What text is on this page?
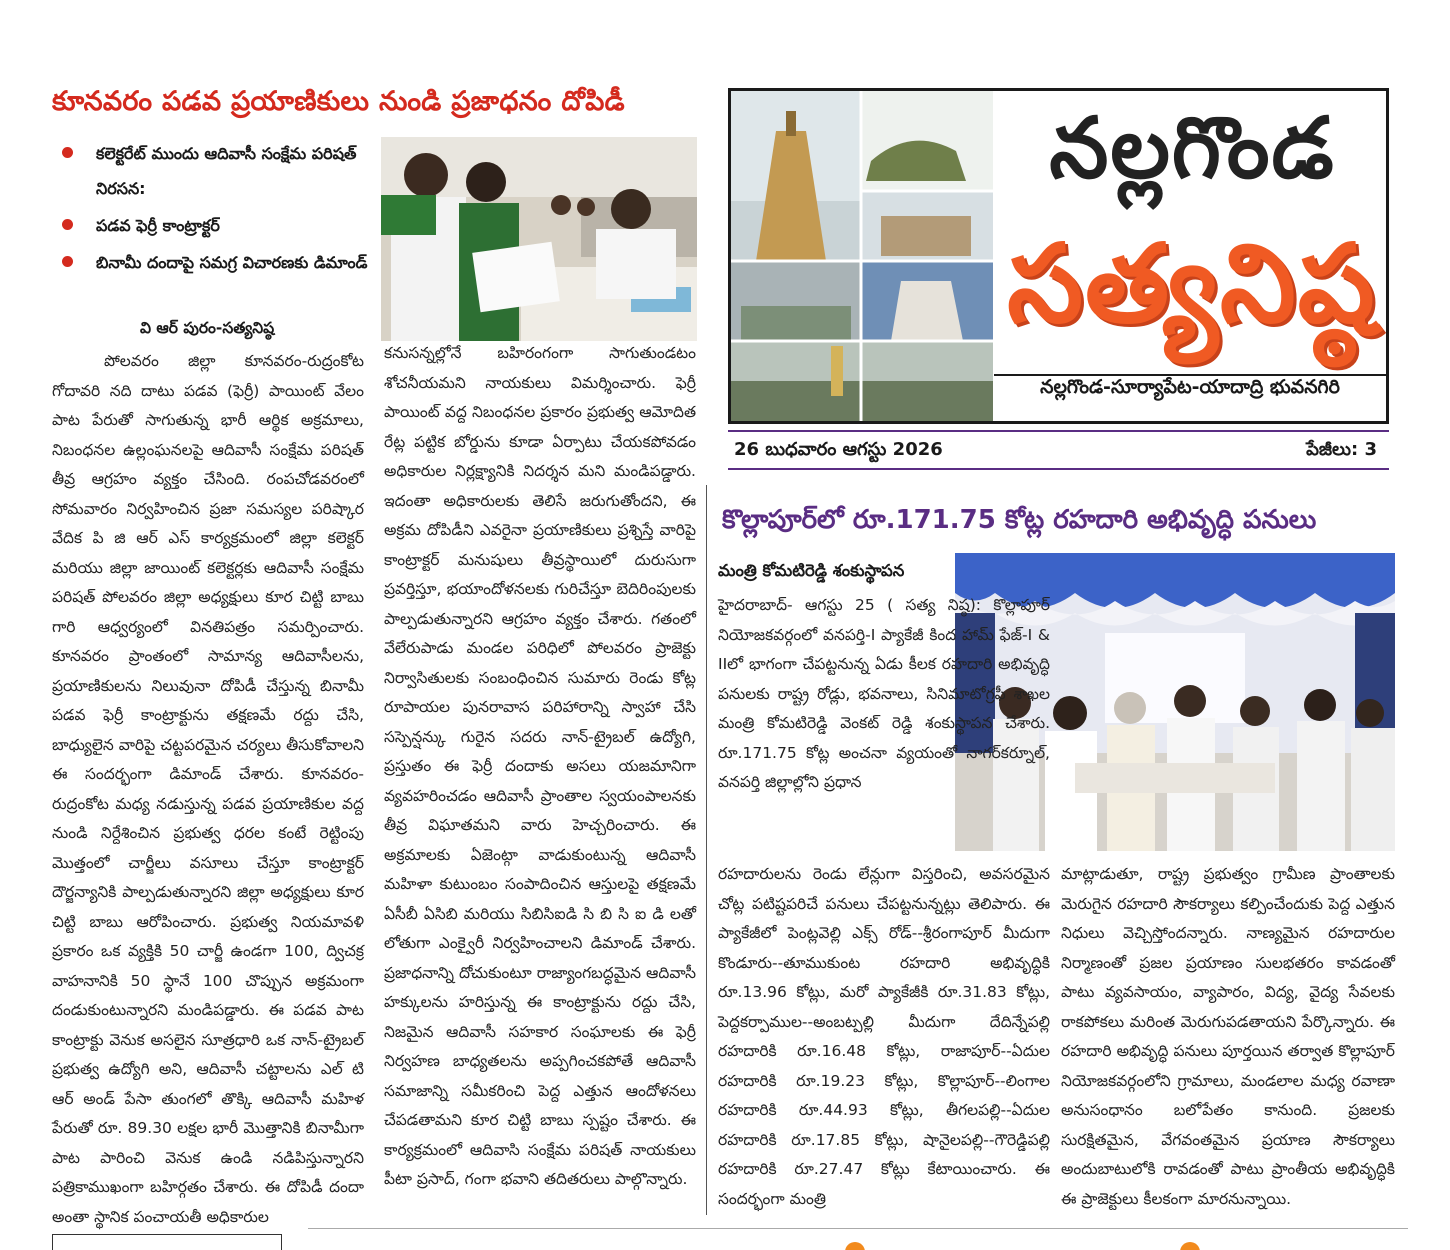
కూనవరం పడవ ప్రయాణికులు నుండి ప్రజాధనం దోపిడీ
కలెక్టరేట్ ముందు ఆదివాసీ సంక్షేమ పరిషత్ నిరసన:
పడవ ఫెర్రీ కాంట్రాక్టర్
బినామీ దందాపై సమగ్ర విచారణకు డిమాండ్
వి ఆర్ పురం-సత్యనిష్ఠ
పోలవరం జిల్లా కూనవరం-రుద్రంకోట గోదావరి నది దాటు పడవ (ఫెర్రీ) పాయింట్ వేలం పాట పేరుతో సాగుతున్న భారీ ఆర్థిక అక్రమాలు, నిబంధనల ఉల్లంఘనలపై ఆదివాసీ సంక్షేమ పరిషత్ తీవ్ర ఆగ్రహం వ్యక్తం చేసింది. రంపచోడవరంలో సోమవారం నిర్వహించిన ప్రజా సమస్యల పరిష్కార వేదిక పి జి ఆర్ ఎస్ కార్యక్రమంలో జిల్లా కలెక్టర్ మరియు జిల్లా జాయింట్ కలెక్టర్లకు ఆదివాసీ సంక్షేమ పరిషత్ పోలవరం జిల్లా అధ్యక్షులు కూర చిట్టి బాబు గారి ఆధ్వర్యంలో వినతిపత్రం సమర్పించారు. కూనవరం ప్రాంతంలో సామాన్య ఆదివాసీలను, ప్రయాణికులను నిలువునా దోపిడీ చేస్తున్న బినామీ పడవ ఫెర్రీ కాంట్రాక్టును తక్షణమే రద్దు చేసి, బాధ్యులైన వారిపై చట్టపరమైన చర్యలు తీసుకోవాలని ఈ సందర్భంగా డిమాండ్ చేశారు. కూనవరం-రుద్రంకోట మధ్య నడుస్తున్న పడవ ప్రయాణికుల వద్ద నుండి నిర్దేశించిన ప్రభుత్వ ధరల కంటే రెట్టింపు మొత్తంలో చార్జీలు వసూలు చేస్తూ కాంట్రాక్టర్ దౌర్జన్యానికి పాల్పడుతున్నారని జిల్లా అధ్యక్షులు కూర చిట్టి బాబు ఆరోపించారు. ప్రభుత్వ నియమావళి ప్రకారం ఒక వ్యక్తికి 50 చార్జీ ఉండగా 100, ద్విచక్ర వాహనానికి 50 స్థానే 100 చొప్పున అక్రమంగా దండుకుంటున్నారని మండిపడ్డారు. ఈ పడవ పాట కాంట్రాక్టు వెనుక అసలైన సూత్రధారి ఒక నాన్-ట్రైబల్ ప్రభుత్వ ఉద్యోగి అని, ఆదివాసీ చట్టాలను ఎల్ టి ఆర్ అండ్ పేసా తుంగలో తొక్కి ఆదివాసీ మహిళ పేరుతో రూ. 89.30 లక్షల భారీ మొత్తానికి బినామీగా పాట పారించి వెనుక ఉండి నడిపిస్తున్నారని పత్రికాముఖంగా బహిర్గతం చేశారు. ఈ దోపిడీ దందా అంతా స్థానిక పంచాయతీ అధికారుల
కనుసన్నల్లోనే బహిరంగంగా సాగుతుండటం శోచనీయమని నాయకులు విమర్శించారు. ఫెర్రీ పాయింట్ వద్ద నిబంధనల ప్రకారం ప్రభుత్వ ఆమోదిత రేట్ల పట్టిక బోర్డును కూడా ఏర్పాటు చేయకపోవడం అధికారుల నిర్లక్ష్యానికి నిదర్శన మని మండిపడ్డారు. ఇదంతా అధికారులకు తెలిసే జరుగుతోందని, ఈ అక్రమ దోపిడీని ఎవరైనా ప్రయాణికులు ప్రశ్నిస్తే వారిపై కాంట్రాక్టర్ మనుషులు తీవ్రస్థాయిలో దురుసుగా ప్రవర్తిస్తూ, భయాందోళనలకు గురిచేస్తూ బెదిరింపులకు పాల్పడుతున్నారని ఆగ్రహం వ్యక్తం చేశారు. గతంలో వేలేరుపాడు మండల పరిధిలో పోలవరం ప్రాజెక్టు నిర్వాసితులకు సంబంధించిన సుమారు రెండు కోట్ల రూపాయల పునరావాస పరిహారాన్ని స్వాహా చేసి సస్పెన్షన్కు గురైన సదరు నాన్-ట్రైబల్ ఉద్యోగి, ప్రస్తుతం ఈ ఫెర్రీ దందాకు అసలు యజమానిగా వ్యవహరించడం ఆదివాసీ ప్రాంతాల స్వయంపాలనకు తీవ్ర విఘాతమని వారు హెచ్చరించారు. ఈ అక్రమాలకు ఏజెంట్గా వాడుకుంటున్న ఆదివాసీ మహిళా కుటుంబం సంపాదించిన ఆస్తులపై తక్షణమే ఏసీబీ ఏసిబి మరియు సిబిసిఐడి సి బి సి ఐ డి లతో లోతుగా ఎంక్వైరీ నిర్వహించాలని డిమాండ్ చేశారు. ప్రజాధనాన్ని దోచుకుంటూ రాజ్యాంగబద్ధమైన ఆదివాసీ హక్కులను హరిస్తున్న ఈ కాంట్రాక్టును రద్దు చేసి, నిజమైన ఆదివాసీ సహకార సంఘాలకు ఈ ఫెర్రీ నిర్వహణ బాధ్యతలను అప్పగించకపోతే ఆదివాసీ సమాజాన్ని సమీకరించి పెద్ద ఎత్తున ఆందోళనలు చేపడతామని కూర చిట్టి బాబు స్పష్టం చేశారు. ఈ కార్యక్రమంలో ఆదివాసి సంక్షేమ పరిషత్ నాయకులు పీటా ప్రసాద్, గంగా భవాని తదితరులు పాల్గొన్నారు.
నల్లగొండ
సత్యనిష్ఠ
నల్లగొండ-సూర్యాపేట-యాదాద్రి భువనగిరి
26 బుధవారం ఆగస్టు 2026	పేజీలు: 3
కొల్లాపూర్‌లో రూ.171.75 కోట్ల రహదారి అభివృద్ధి పనులు
మంత్రి కోమటిరెడ్డి శంకుస్థాపన
హైదరాబాద్- ఆగస్టు 25 ( సత్య నిష్ఠ): కొల్లాపూర్ నియోజకవర్గంలో వనపర్తి-I ప్యాకేజీ కింద హామ్ ఫేజ్-I & IIలో భాగంగా చేపట్టనున్న ఏడు కీలక రహదారి అభివృద్ధి పనులకు రాష్ట్ర రోడ్లు, భవనాలు, సినిమాటోగ్రఫీ శాఖల మంత్రి కోమటిరెడ్డి వెంకట్ రెడ్డి శంకుస్థాపన చేశారు. రూ.171.75 కోట్ల అంచనా వ్యయంతో నాగర్‌కర్నూల్, వనపర్తి జిల్లాల్లోని ప్రధాన
రహదారులను రెండు లేన్లుగా విస్తరించి, అవసరమైన చోట్ల పటిష్టపరిచే పనులు చేపట్టనున్నట్లు తెలిపారు. ఈ ప్యాకేజీలో పెంట్లవెల్లి ఎక్స్ రోడ్--శ్రీరంగాపూర్ మీదుగా కొండూరు--తూముకుంట రహదారి అభివృద్ధికి రూ.13.96 కోట్లు, మరో ప్యాకేజీకి రూ.31.83 కోట్లు, పెద్దకర్పాముల--అంబట్పల్లి మీదుగా దేదిన్నేపల్లి రహదారికి రూ.16.48 కోట్లు, రాజాపూర్--ఏదుల రహదారికి రూ.19.23 కోట్లు, కొల్లాపూర్--లింగాల రహదారికి రూ.44.93 కోట్లు, తీగలపల్లి--ఏదుల రహదారికి రూ.17.85 కోట్లు, షానైలపల్లి--గౌరెడ్డిపల్లి రహదారికి రూ.27.47 కోట్లు కేటాయించారు. ఈ సందర్భంగా మంత్రి
మాట్లాడుతూ, రాష్ట్ర ప్రభుత్వం గ్రామీణ ప్రాంతాలకు మెరుగైన రహదారి సౌకర్యాలు కల్పించేందుకు పెద్ద ఎత్తున నిధులు వెచ్చిస్తోందన్నారు. నాణ్యమైన రహదారుల నిర్మాణంతో ప్రజల ప్రయాణం సులభతరం కావడంతో పాటు వ్యవసాయం, వ్యాపారం, విద్య, వైద్య సేవలకు రాకపోకలు మరింత మెరుగుపడతాయని పేర్కొన్నారు. ఈ రహదారి అభివృద్ధి పనులు పూర్తయిన తర్వాత కొల్లాపూర్ నియోజకవర్గంలోని గ్రామాలు, మండలాల మధ్య రవాణా అనుసంధానం బలోపేతం కానుంది. ప్రజలకు సురక్షితమైన, వేగవంతమైన ప్రయాణ సౌకర్యాలు అందుబాటులోకి రావడంతో పాటు ప్రాంతీయ అభివృద్ధికి ఈ ప్రాజెక్టులు కీలకంగా మారనున్నాయి.
